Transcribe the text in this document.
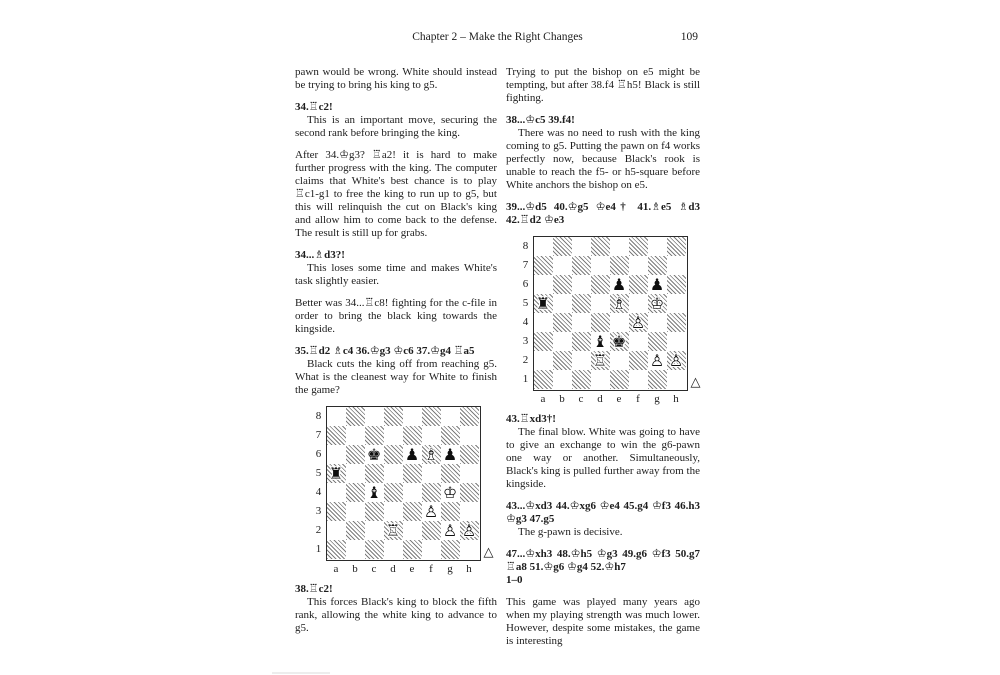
Chapter 2 – Make the Right Changes	109

pawn would be wrong. White should instead be trying to bring his king to g5.

34.♖c2!

This is an important move, securing the second rank before bringing the king.

After 34.♔g3? ♖a2! it is hard to make further progress with the king. The computer claims that White's best chance is to play ♖c1-g1 to free the king to run up to g5, but this will relinquish the cut on Black's king and allow him to come back to the defense. The result is still up for grabs.

34...♗d3?!

This loses some time and makes White's task slightly easier.

Better was 34...♖c8! fighting for the c-file in order to bring the black king towards the kingside.

35.♖d2 ♗c4 36.♔g3 ♔c6 37.♔g4 ♖a5

Black cuts the king off from reaching g5. What is the cleanest way for White to finish the game?

8
7
6
5
4
3
2
1
♚ ♟ ♗ ♟
♜
♝	♔
♙
♖	♙ ♙
a	b	c	d	e	f	g	h
△

38.♖c2!

This forces Black's king to block the fifth rank, allowing the white king to advance to g5.

Trying to put the bishop on e5 might be tempting, but after 38.f4 ♖h5! Black is still fighting.

38...♔c5 39.f4!

There was no need to rush with the king coming to g5. Putting the pawn on f4 works perfectly now, because Black's rook is unable to reach the f5- or h5-square before White anchors the bishop on e5.

39...♔d5 40.♔g5 ♔e4† 41.♗e5 ♗d3 42.♖d2 ♔e3

8
7
6
5
4
3
2
1
♟ ♟
♜	♗ ♔
♙
♝ ♚
♖	♙ ♙
a	b	c	d	e	f	g	h
△

43.♖xd3†!

The final blow. White was going to have to give an exchange to win the g6-pawn one way or another. Simultaneously, Black's king is pulled further away from the kingside.

43...♔xd3 44.♔xg6 ♔e4 45.g4 ♔f3 46.h3 ♔g3 47.g5

The g-pawn is decisive.

47...♔xh3 48.♔h5 ♔g3 49.g6 ♔f3 50.g7 ♖a8 51.♔g6 ♔g4 52.♔h7

1–0

This game was played many years ago when my playing strength was much lower. However, despite some mistakes, the game is interesting
